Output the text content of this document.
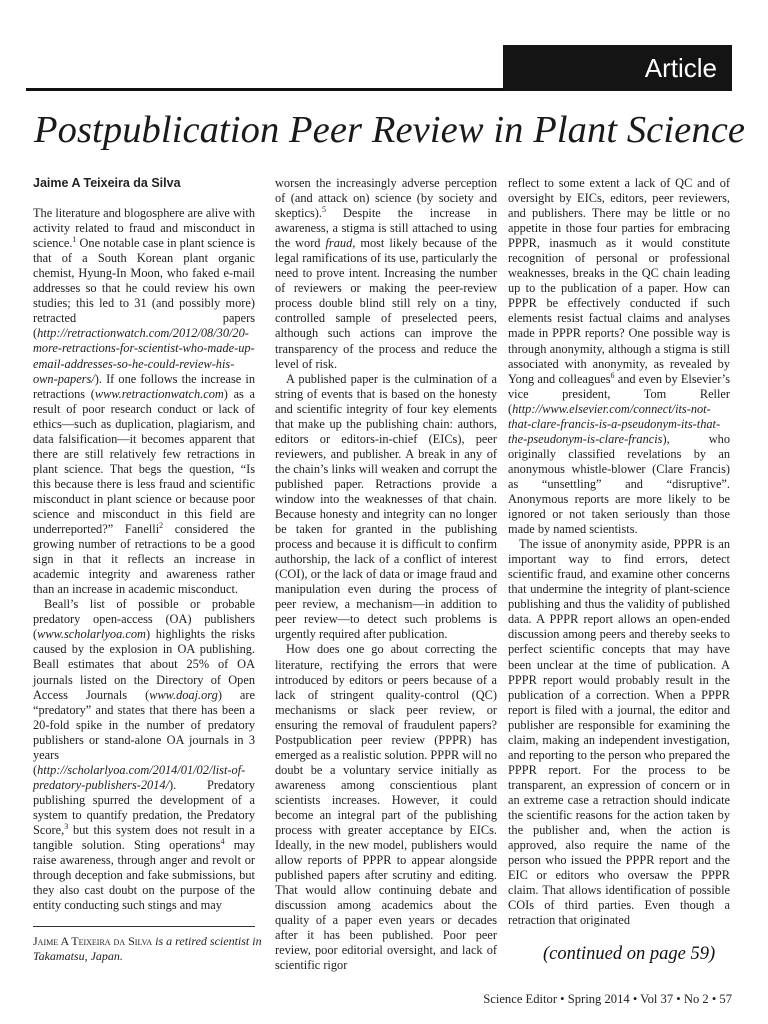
Article
Postpublication Peer Review in Plant Science
Jaime A Teixeira da Silva

The literature and blogosphere are alive with activity related to fraud and misconduct in science.$^1$ One notable case in plant science is that of a South Korean plant organic chemist, Hyung-In Moon, who faked e-mail addresses so that he could review his own studies; this led to 31 (and possibly more) retracted papers (http://retractionwatch.com/2012/08/30/20-more-retractions-for-scientist-who-made-up-email-addresses-so-he-could-review-his-own-papers/). If one follows the increase in retractions (www.retractionwatch.com) as a result of poor research conduct or lack of ethics—such as duplication, plagiarism, and data falsification—it becomes apparent that there are still relatively few retractions in plant science. That begs the question, “Is this because there is less fraud and scientific misconduct in plant science or because poor science and misconduct in this field are underreported?” Fanelli$^2$ considered the growing number of retractions to be a good sign in that it reflects an increase in academic integrity and awareness rather than an increase in academic misconduct.

Beall’s list of possible or probable predatory open-access (OA) publishers (www.scholarlyoa.com) highlights the risks caused by the explosion in OA publishing. Beall estimates that about 25% of OA journals listed on the Directory of Open Access Journals (www.doaj.org) are “predatory” and states that there has been a 20-fold spike in the number of predatory publishers or stand-alone OA journals in 3 years (http://scholarlyoa.com/2014/01/02/list-of-predatory-publishers-2014/). Predatory publishing spurred the development of a system to quantify predation, the Predatory Score,$^3$ but this system does not result in a tangible solution. Sting operations$^4$ may raise awareness, through anger and revolt or through deception and fake submissions, but they also cast doubt on the purpose of the entity conducting such stings and may

worsen the increasingly adverse perception of (and attack on) science (by society and skeptics).$^5$ Despite the increase in awareness, a stigma is still attached to using the word fraud, most likely because of the legal ramifications of its use, particularly the need to prove intent. Increasing the number of reviewers or making the peer-review process double blind still rely on a tiny, controlled sample of preselected peers, although such actions can improve the transparency of the process and reduce the level of risk.

A published paper is the culmination of a string of events that is based on the honesty and scientific integrity of four key elements that make up the publishing chain: authors, editors or editors-in-chief (EICs), peer reviewers, and publisher. A break in any of the chain’s links will weaken and corrupt the published paper. Retractions provide a window into the weaknesses of that chain. Because honesty and integrity can no longer be taken for granted in the publishing process and because it is difficult to confirm authorship, the lack of a conflict of interest (COI), or the lack of data or image fraud and manipulation even during the process of peer review, a mechanism—in addition to peer review—to detect such problems is urgently required after publication.

How does one go about correcting the literature, rectifying the errors that were introduced by editors or peers because of a lack of stringent quality-control (QC) mechanisms or slack peer review, or ensuring the removal of fraudulent papers? Postpublication peer review (PPPR) has emerged as a realistic solution. PPPR will no doubt be a voluntary service initially as awareness among conscientious plant scientists increases. However, it could become an integral part of the publishing process with greater acceptance by EICs. Ideally, in the new model, publishers would allow reports of PPPR to appear alongside published papers after scrutiny and editing. That would allow continuing debate and discussion among academics about the quality of a paper even years or decades after it has been published. Poor peer review, poor editorial oversight, and lack of scientific rigor

reflect to some extent a lack of QC and of oversight by EICs, editors, peer reviewers, and publishers. There may be little or no appetite in those four parties for embracing PPPR, inasmuch as it would constitute recognition of personal or professional weaknesses, breaks in the QC chain leading up to the publication of a paper. How can PPPR be effectively conducted if such elements resist factual claims and analyses made in PPPR reports? One possible way is through anonymity, although a stigma is still associated with anonymity, as revealed by Yong and colleagues$^6$ and even by Elsevier’s vice president, Tom Reller (http://www.elsevier.com/connect/its-not-that-clare-francis-is-a-pseudonym-its-that-the-pseudonym-is-clare-francis), who originally classified revelations by an anonymous whistle-blower (Clare Francis) as “unsettling” and “disruptive”. Anonymous reports are more likely to be ignored or not taken seriously than those made by named scientists.

The issue of anonymity aside, PPPR is an important way to find errors, detect scientific fraud, and examine other concerns that undermine the integrity of plant-science publishing and thus the validity of published data. A PPPR report allows an open-ended discussion among peers and thereby seeks to perfect scientific concepts that may have been unclear at the time of publication. A PPPR report would probably result in the publication of a correction. When a PPPR report is filed with a journal, the editor and publisher are responsible for examining the claim, making an independent investigation, and reporting to the person who prepared the PPPR report. For the process to be transparent, an expression of concern or in an extreme case a retraction should indicate the scientific reasons for the action taken by the publisher and, when the action is approved, also require the name of the person who issued the PPPR report and the EIC or editors who oversaw the PPPR claim. That allows identification of possible COIs of third parties. Even though a retraction that originated

Jaime A Teixeira da Silva is a retired scientist in Takamatsu, Japan.	(continued on page 59)
Science Editor • Spring 2014 • Vol 37 • No 2 • 57
